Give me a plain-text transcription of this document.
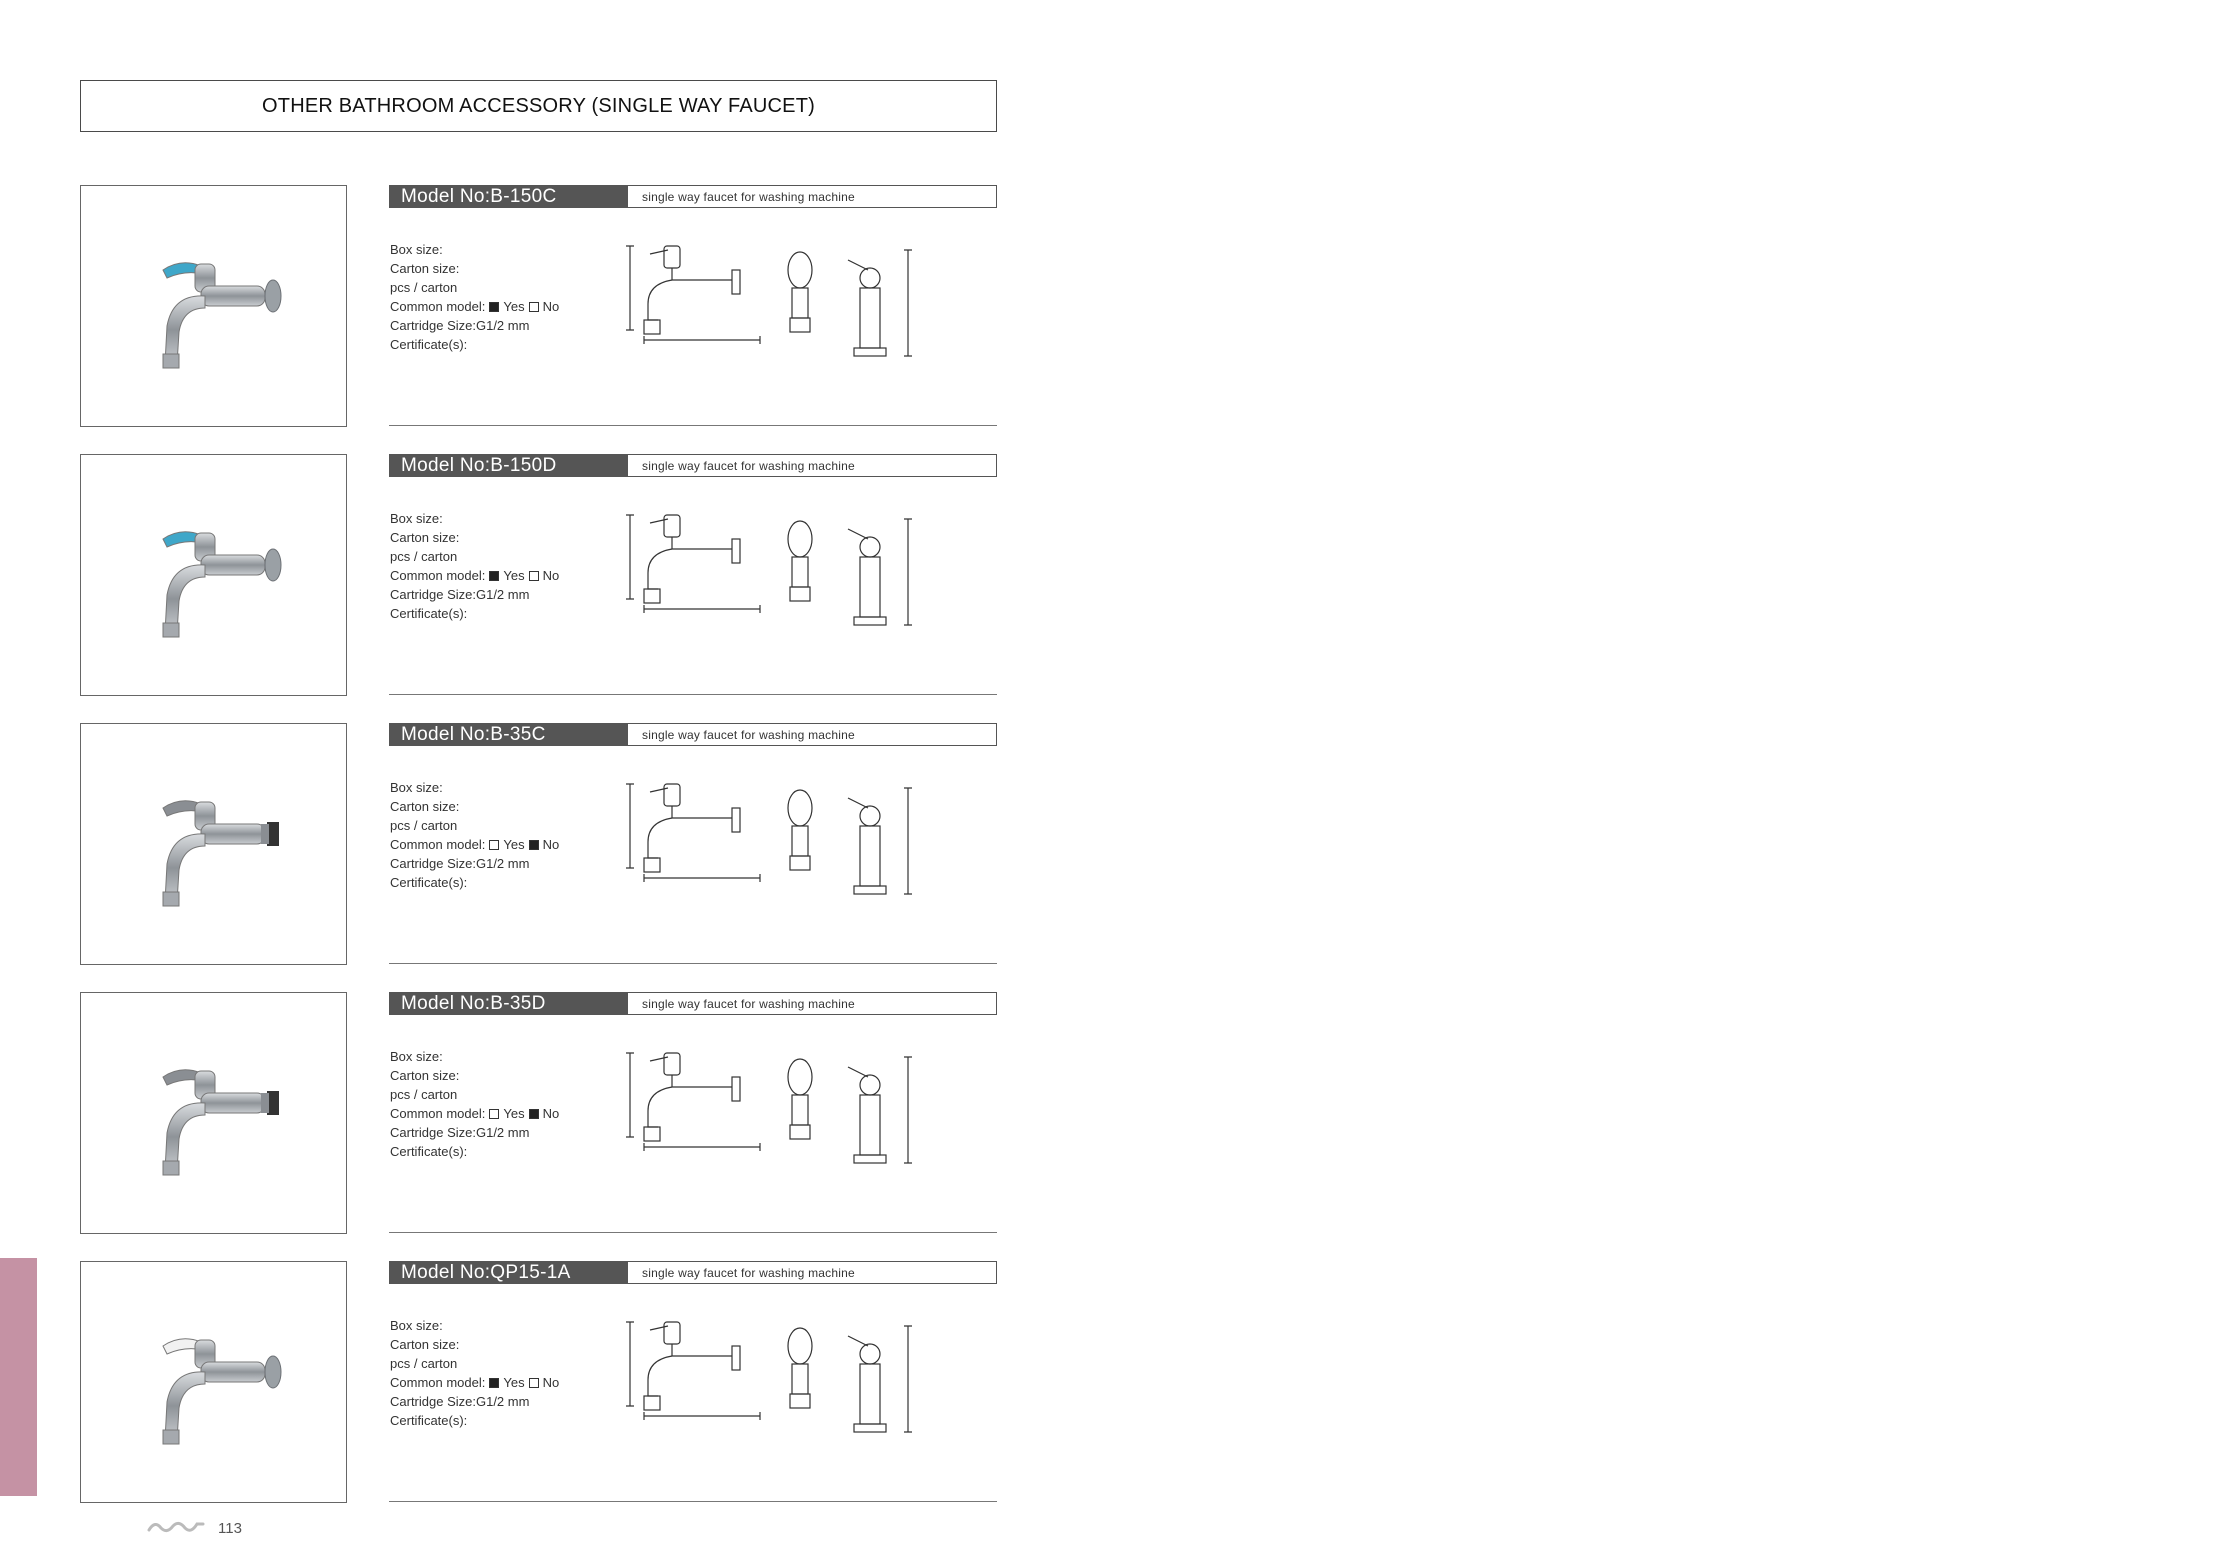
OTHER BATHROOM ACCESSORY (SINGLE WAY FAUCET)
Model No:B-150C	single way faucet for washing machine
Box size:
Carton size:
pcs / carton
Common model: Yes No
Cartridge Size:G1/2 mm
Certificate(s):
Model No:B-150D	single way faucet for washing machine
Box size:
Carton size:
pcs / carton
Common model: Yes No
Cartridge Size:G1/2 mm
Certificate(s):
Model No:B-35C	single way faucet for washing machine
Box size:
Carton size:
pcs / carton
Common model: Yes No
Cartridge Size:G1/2 mm
Certificate(s):
Model No:B-35D	single way faucet for washing machine
Box size:
Carton size:
pcs / carton
Common model: Yes No
Cartridge Size:G1/2 mm
Certificate(s):
Model No:QP15-1A	single way faucet for washing machine
Box size:
Carton size:
pcs / carton
Common model: Yes No
Cartridge Size:G1/2 mm
Certificate(s):
113
